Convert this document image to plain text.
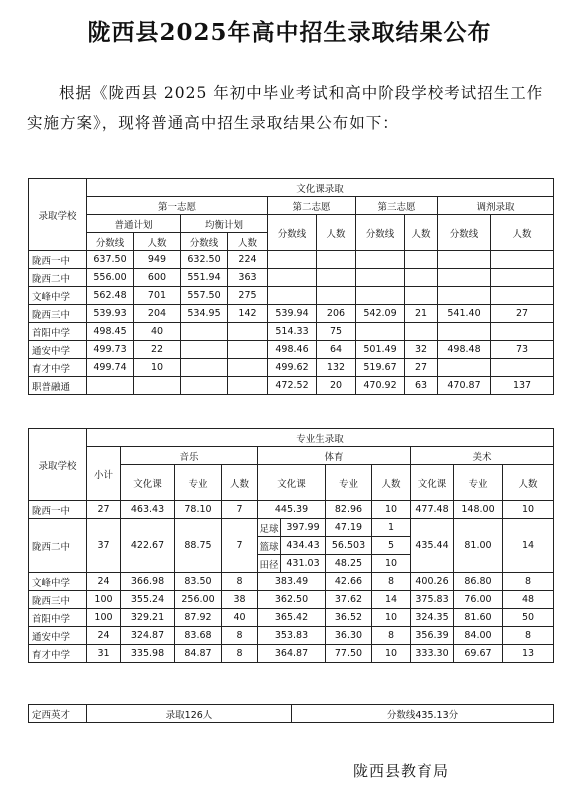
陇西县2025年高中招生录取结果公布
根据《陇西县 2025 年初中毕业考试和高中阶段学校考试招生工作实施方案》，现将普通高中招生录取结果公布如下：
录取学校	文化课录取									
	第一志愿				第二志愿		第三志愿		调剂录取	
	普通计划		均衡计划		分数线	人数	分数线	人数	分数线	人数
	分数线	人数	分数线	人数						
陇西一中	637.50	949	632.50	224						
陇西二中	556.00	600	551.94	363						
文峰中学	562.48	701	557.50	275						
陇西三中	539.93	204	534.95	142	539.94	206	542.09	21	541.40	27
首阳中学	498.45	40			514.33	75				
通安中学	499.73	22			498.46	64	501.49	32	498.48	73
育才中学	499.74	10			499.62	132	519.67	27		
职普融通					472.52	20	470.92	63	470.87	137
录取学校	专业生录取										
	小计	音乐			体育				美术		
		文化课	专业	人数	文化课		专业	人数	文化课	专业	人数
陇西一中	27	463.43	78.10	7	445.39		82.96	10	477.48	148.00	10
陇西二中	37	422.67	88.75	7	足球	397.99	47.19	1	435.44	81.00	14
					篮球	434.43	56.503	5			
					田径	431.03	48.25	10			
文峰中学	24	366.98	83.50	8	383.49		42.66	8	400.26	86.80	8
陇西三中	100	355.24	256.00	38	362.50		37.62	14	375.83	76.00	48
首阳中学	100	329.21	87.92	40	365.42		36.52	10	324.35	81.60	50
通安中学	24	324.87	83.68	8	353.83		36.30	8	356.39	84.00	8
育才中学	31	335.98	84.87	8	364.87		77.50	10	333.30	69.67	13
定西英才	录取126人	分数线435.13分
陇西县教育局
